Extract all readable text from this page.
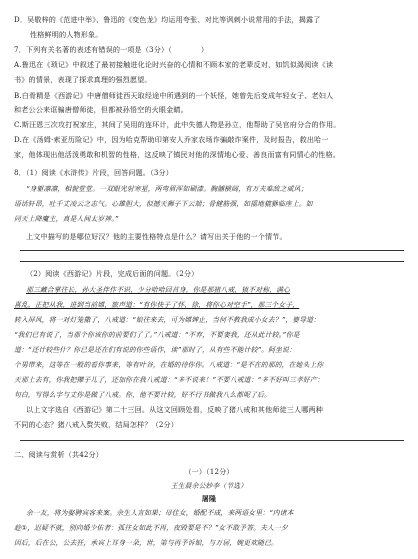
D．吴敬梓的《范进中举》、鲁迅的《变色龙》均运用夸张、对比等讽刺小说常用的手法，揭露了
性格鲜明的人物形象。
7．下列有关名著的表述有错误的一项是（3分）（　　　　）
A.鲁迅在《琐记》中叙述了最初接触进化论时兴奋的心情和不顾本家的老辈反对，如饥似渴阅读《读
书》的情景，表现了探求真理的强烈愿望。
B.白骨精是《西游记》中唐僧师徒西天取经途中所遇到的一个妖怪，她曾先后变成年轻女子、老妇人
和老公公来诓骗唐僧师徒，但都被孙悟空的火眼金睛。
C.斯汪恩三次攻打祝家庄，其间了吴用的连环计，此中失德人物是孙立，他帮助了吴官府分合的作用。
D.在《汤姆·索亚历险记》中，因为哈克帮助印第安人乔家农场诈骗敲诈案件，及时报告，救出哈一
家，他体现出他活泼勇敢和机智的性格，这反映了镇民对他的深情地心爱、善良而富有同情心的性格。
8．（1）阅读《水浒传》片段，回答问题。（3分）
“身躯凛凛，相貌堂堂。一双眼光射寒星，两弯眉浑如刷漆。胸脯横阔，有万夫难敌之威风；
语话轩昂，吐千丈凌云之志气。心雄胆大，似撼天狮子下云端；骨健筋强，如摇地貔貅临座上。如
同天上降魔主，真是人间太岁神。”
上文中描写的是哪位好汉？他的主要性格特点是什么？请写出关于他的一个情节。
（2）阅读《西游记》片段，完成后面的问题。（2分）
那三藏合掌往长，孙大圣伴作不识，少分哈哈回首身，你是那猪八戒，猿不对称，满心
喜乱，正把从我，进到当前嫦，旅声道：“有你快子了怀，徐，将你心对空手”，那三个女子，
转入屏风，将一对灯笼撒了，八戒道：“娘往来去，可为嫦婢止，当何不教我成小女去？”，婆导道：
“我们已有说了，当那个你该你的前要们了了。”八戒道：“不弃，不要妻我，还从此计较。”你是
道：“还计较些什？你已是还在们有说的你些语作，读”那时了，从有些不能计较”。阿坐说：
个男带来，这等在一般的看你事来，等有叶谷，在婚的待你你。八戒道：“是不在的那的，在她头上你
天那上去有，你我把撵子儿了，还加你在我八戒道：“多不说来！”不要八戒道：“多不好叫三孝好产：
句白，写得么字与丈你是做了八戒。你，他不要计较，好不行书做我八么都呢了后。
以上文字选自《西游记》第二十三回。从这文回顾处看，反映了猪八戒和其他师徒三人哪两种
不同的心态？猪八戒入赘失败，结局怎样？（2分）
二、阅读与赏析（共42分）
（一）（12分）
王生晨余公妙李（节选）
屠隆
余一友，将为娶聘宾客来案。余生人言如果；母佳女，婚配不成，来两语女里：“内诸本
趁①，迟疑不就，别向婚少佑者：孤往女如此不再，夜毁要是不？”女不敢予答。夫人一夕
因后，后在公，公去狂，承宾上耳身一朵，世，第与再予诉娘，与万居，婉更欢随已。
